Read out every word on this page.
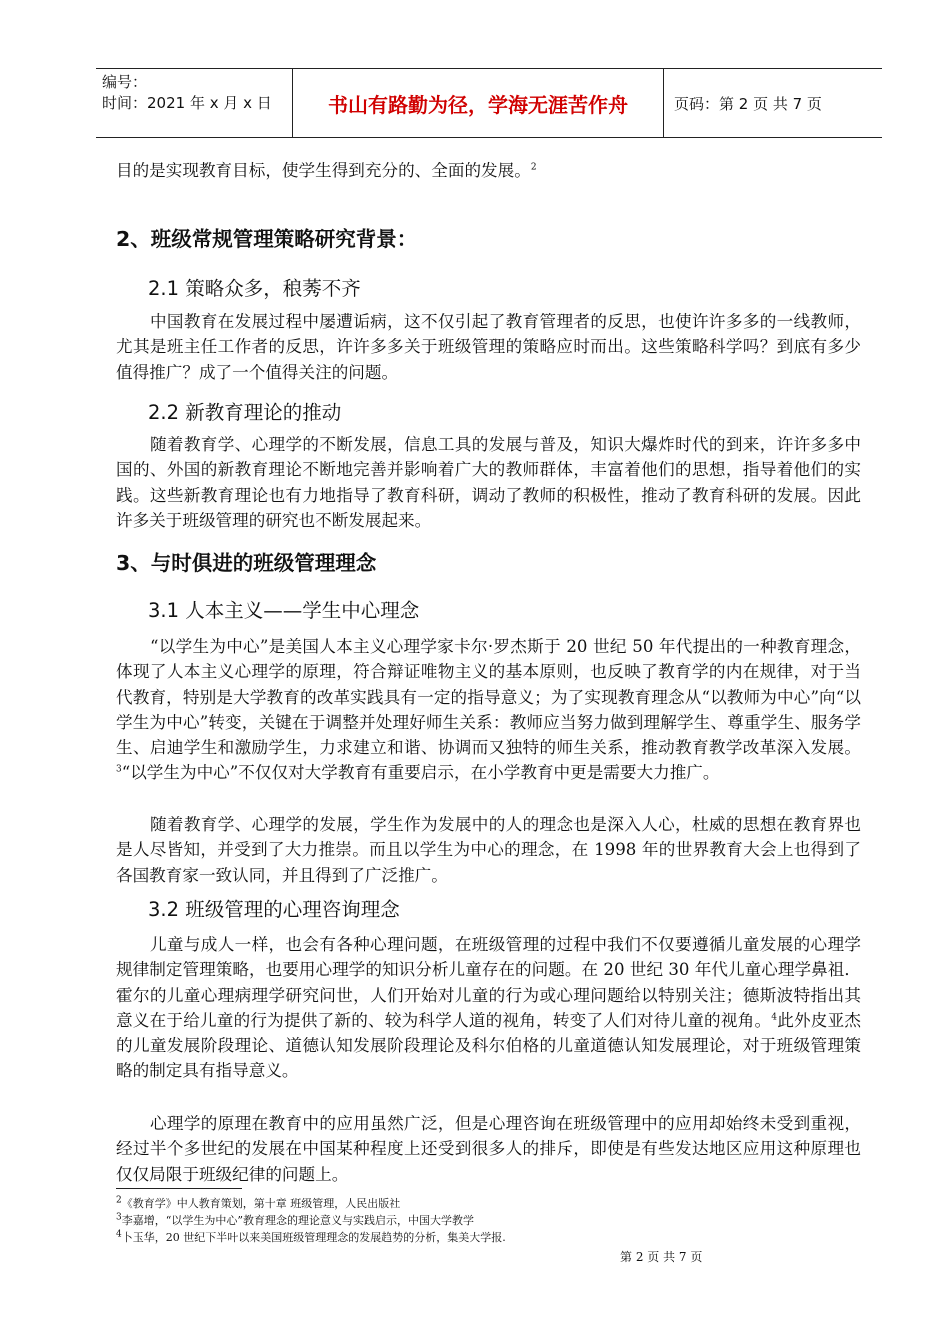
编号：
时间：2021 年 x 月 x 日	书山有路勤为径，学海无涯苦作舟	页码：第 2 页 共 7 页
目的是实现教育目标，使学生得到充分的、全面的发展。$^2$
2、班级常规管理策略研究背景：
2.1 策略众多，稂莠不齐
中国教育在发展过程中屡遭诟病，这不仅引起了教育管理者的反思，也使许许多多的一线教师，尤其是班主任工作者的反思，许许多多关于班级管理的策略应时而出。这些策略科学吗？到底有多少值得推广？成了一个值得关注的问题。
2.2 新教育理论的推动
随着教育学、心理学的不断发展，信息工具的发展与普及，知识大爆炸时代的到来，许许多多中国的、外国的新教育理论不断地完善并影响着广大的教师群体，丰富着他们的思想，指导着他们的实践。这些新教育理论也有力地指导了教育科研，调动了教师的积极性，推动了教育科研的发展。因此许多关于班级管理的研究也不断发展起来。
3、与时俱进的班级管理理念
3.1 人本主义——学生中心理念
“以学生为中心”是美国人本主义心理学家卡尔·罗杰斯于 20 世纪 50 年代提出的一种教育理念，体现了人本主义心理学的原理，符合辩证唯物主义的基本原则，也反映了教育学的内在规律，对于当代教育，特别是大学教育的改革实践具有一定的指导意义；为了实现教育理念从“以教师为中心”向“以学生为中心”转变，关键在于调整并处理好师生关系：教师应当努力做到理解学生、尊重学生、服务学生、启迪学生和激励学生，力求建立和谐、协调而又独特的师生关系，推动教育教学改革深入发展。$^3$“以学生为中心”不仅仅对大学教育有重要启示，在小学教育中更是需要大力推广。
随着教育学、心理学的发展，学生作为发展中的人的理念也是深入人心，杜威的思想在教育界也是人尽皆知，并受到了大力推崇。而且以学生为中心的理念，在 1998 年的世界教育大会上也得到了各国教育家一致认同，并且得到了广泛推广。
3.2 班级管理的心理咨询理念
儿童与成人一样，也会有各种心理问题，在班级管理的过程中我们不仅要遵循儿童发展的心理学规律制定管理策略，也要用心理学的知识分析儿童存在的问题。在 20 世纪 30 年代儿童心理学鼻祖．霍尔的儿童心理病理学研究问世，人们开始对儿童的行为或心理问题给以特别关注；德斯波特指出其意义在于给儿童的行为提供了新的、较为科学人道的视角，转变了人们对待儿童的视角。$^4$此外皮亚杰的儿童发展阶段理论、道德认知发展阶段理论及科尔伯格的儿童道德认知发展理论，对于班级管理策略的制定具有指导意义。
心理学的原理在教育中的应用虽然广泛，但是心理咨询在班级管理中的应用却始终未受到重视，经过半个多世纪的发展在中国某种程度上还受到很多人的排斥，即使是有些发达地区应用这种原理也仅仅局限于班级纪律的问题上。
$^2$《教育学》中人教育策划，第十章 班级管理，人民出版社
$^3$李嘉增，“以学生为中心”教育理念的理论意义与实践启示，中国大学教学
$^4$卜玉华，20 世纪下半叶以来美国班级管理理念的发展趋势的分析，集美大学报.
第 2 页 共 7 页
